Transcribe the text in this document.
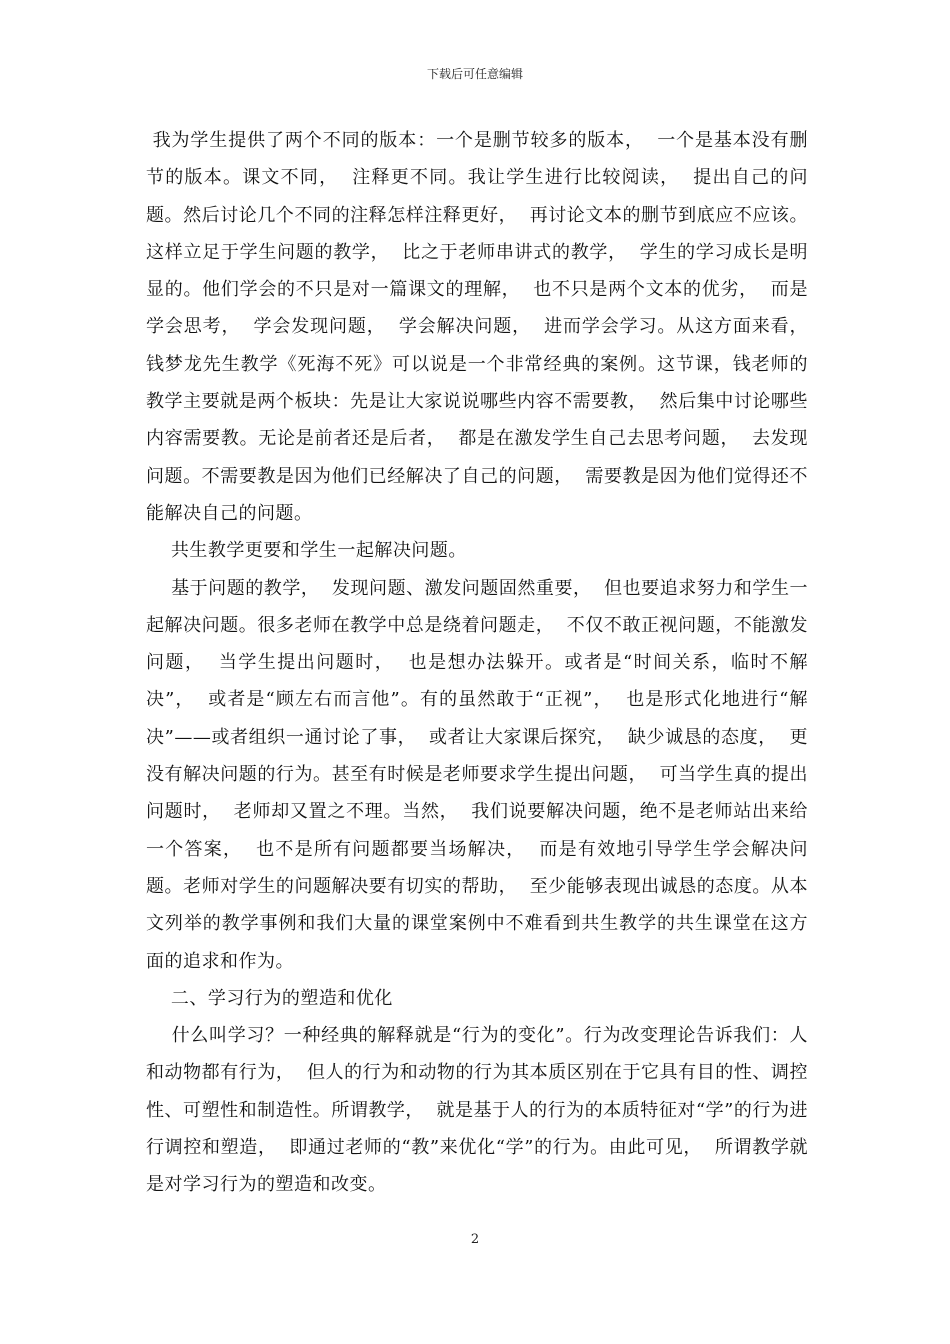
下载后可任意编辑

我为学生提供了两个不同的版本：一个是删节较多的版本，  一个是基本没有删节的版本。课文不同，  注释更不同。我让学生进行比较阅读，  提出自己的问题。然后讨论几个不同的注释怎样注释更好，  再讨论文本的删节到底应不应该。这样立足于学生问题的教学，  比之于老师串讲式的教学，  学生的学习成长是明显的。他们学会的不只是对一篇课文的理解，  也不只是两个文本的优劣，  而是学会思考，  学会发现问题，  学会解决问题，  进而学会学习。从这方面来看，  钱梦龙先生教学《死海不死》可以说是一个非常经典的案例。这节课，钱老师的教学主要就是两个板块：先是让大家说说哪些内容不需要教，  然后集中讨论哪些内容需要教。无论是前者还是后者，  都是在激发学生自己去思考问题，  去发现问题。不需要教是因为他们已经解决了自己的问题，  需要教是因为他们觉得还不能解决自己的问题。

共生教学更要和学生一起解决问题。

基于问题的教学，  发现问题、激发问题固然重要，  但也要追求努力和学生一起解决问题。很多老师在教学中总是绕着问题走，  不仅不敢正视问题，不能激发问题，  当学生提出问题时，  也是想办法躲开。或者是“时间关系，临时不解决”，  或者是“顾左右而言他”。有的虽然敢于“正视”，  也是形式化地进行“解决”——或者组织一通讨论了事，  或者让大家课后探究，  缺少诚恳的态度，  更没有解决问题的行为。甚至有时候是老师要求学生提出问题，  可当学生真的提出问题时，  老师却又置之不理。当然，  我们说要解决问题，绝不是老师站出来给一个答案，  也不是所有问题都要当场解决，  而是有效地引导学生学会解决问题。老师对学生的问题解决要有切实的帮助，  至少能够表现出诚恳的态度。从本文列举的教学事例和我们大量的课堂案例中不难看到共生教学的共生课堂在这方面的追求和作为。

二、学习行为的塑造和优化

什么叫学习？一种经典的解释就是“行为的变化”。行为改变理论告诉我们：人和动物都有行为，  但人的行为和动物的行为其本质区别在于它具有目的性、调控性、可塑性和制造性。所谓教学，  就是基于人的行为的本质特征对“学”的行为进行调控和塑造，  即通过老师的“教”来优化“学”的行为。由此可见，  所谓教学就是对学习行为的塑造和改变。

2
